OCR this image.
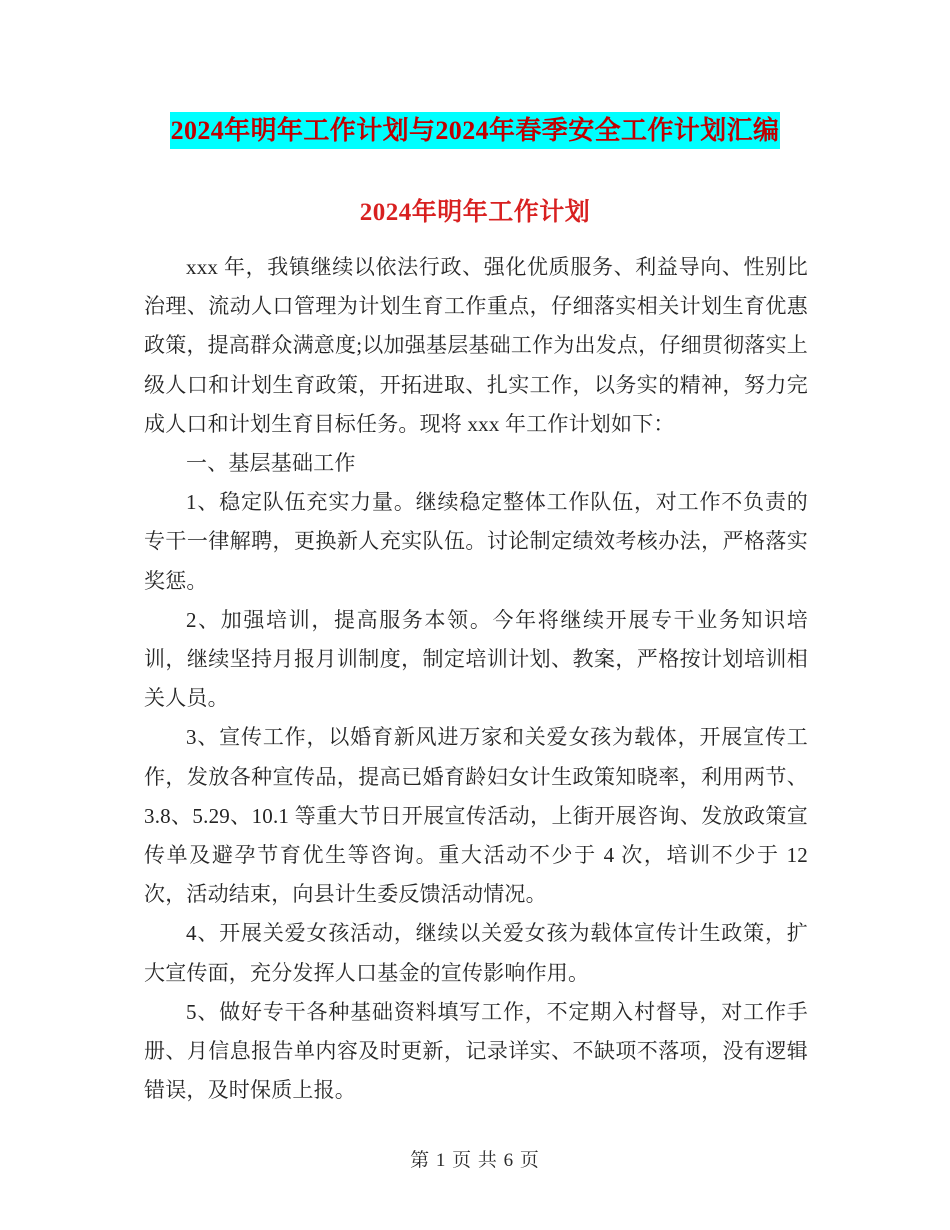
2024年明年工作计划与2024年春季安全工作计划汇编
2024年明年工作计划

xxx 年，我镇继续以依法行政、强化优质服务、利益导向、性别比治理、流动人口管理为计划生育工作重点，仔细落实相关计划生育优惠政策，提高群众满意度;以加强基层基础工作为出发点，仔细贯彻落实上级人口和计划生育政策，开拓进取、扎实工作，以务实的精神，努力完成人口和计划生育目标任务。现将 xxx 年工作计划如下：

一、基层基础工作

1、稳定队伍充实力量。继续稳定整体工作队伍，对工作不负责的专干一律解聘，更换新人充实队伍。讨论制定绩效考核办法，严格落实奖惩。

2、加强培训，提高服务本领。今年将继续开展专干业务知识培训，继续坚持月报月训制度，制定培训计划、教案，严格按计划培训相关人员。

3、宣传工作，以婚育新风进万家和关爱女孩为载体，开展宣传工作，发放各种宣传品，提高已婚育龄妇女计生政策知晓率，利用两节、3.8、5.29、10.1 等重大节日开展宣传活动，上街开展咨询、发放政策宣传单及避孕节育优生等咨询。重大活动不少于 4 次，培训不少于 12 次，活动结束，向县计生委反馈活动情况。

4、开展关爱女孩活动，继续以关爱女孩为载体宣传计生政策，扩大宣传面，充分发挥人口基金的宣传影响作用。

5、做好专干各种基础资料填写工作，不定期入村督导，对工作手册、月信息报告单内容及时更新，记录详实、不缺项不落项，没有逻辑错误，及时保质上报。

第 1 页 共 6 页
